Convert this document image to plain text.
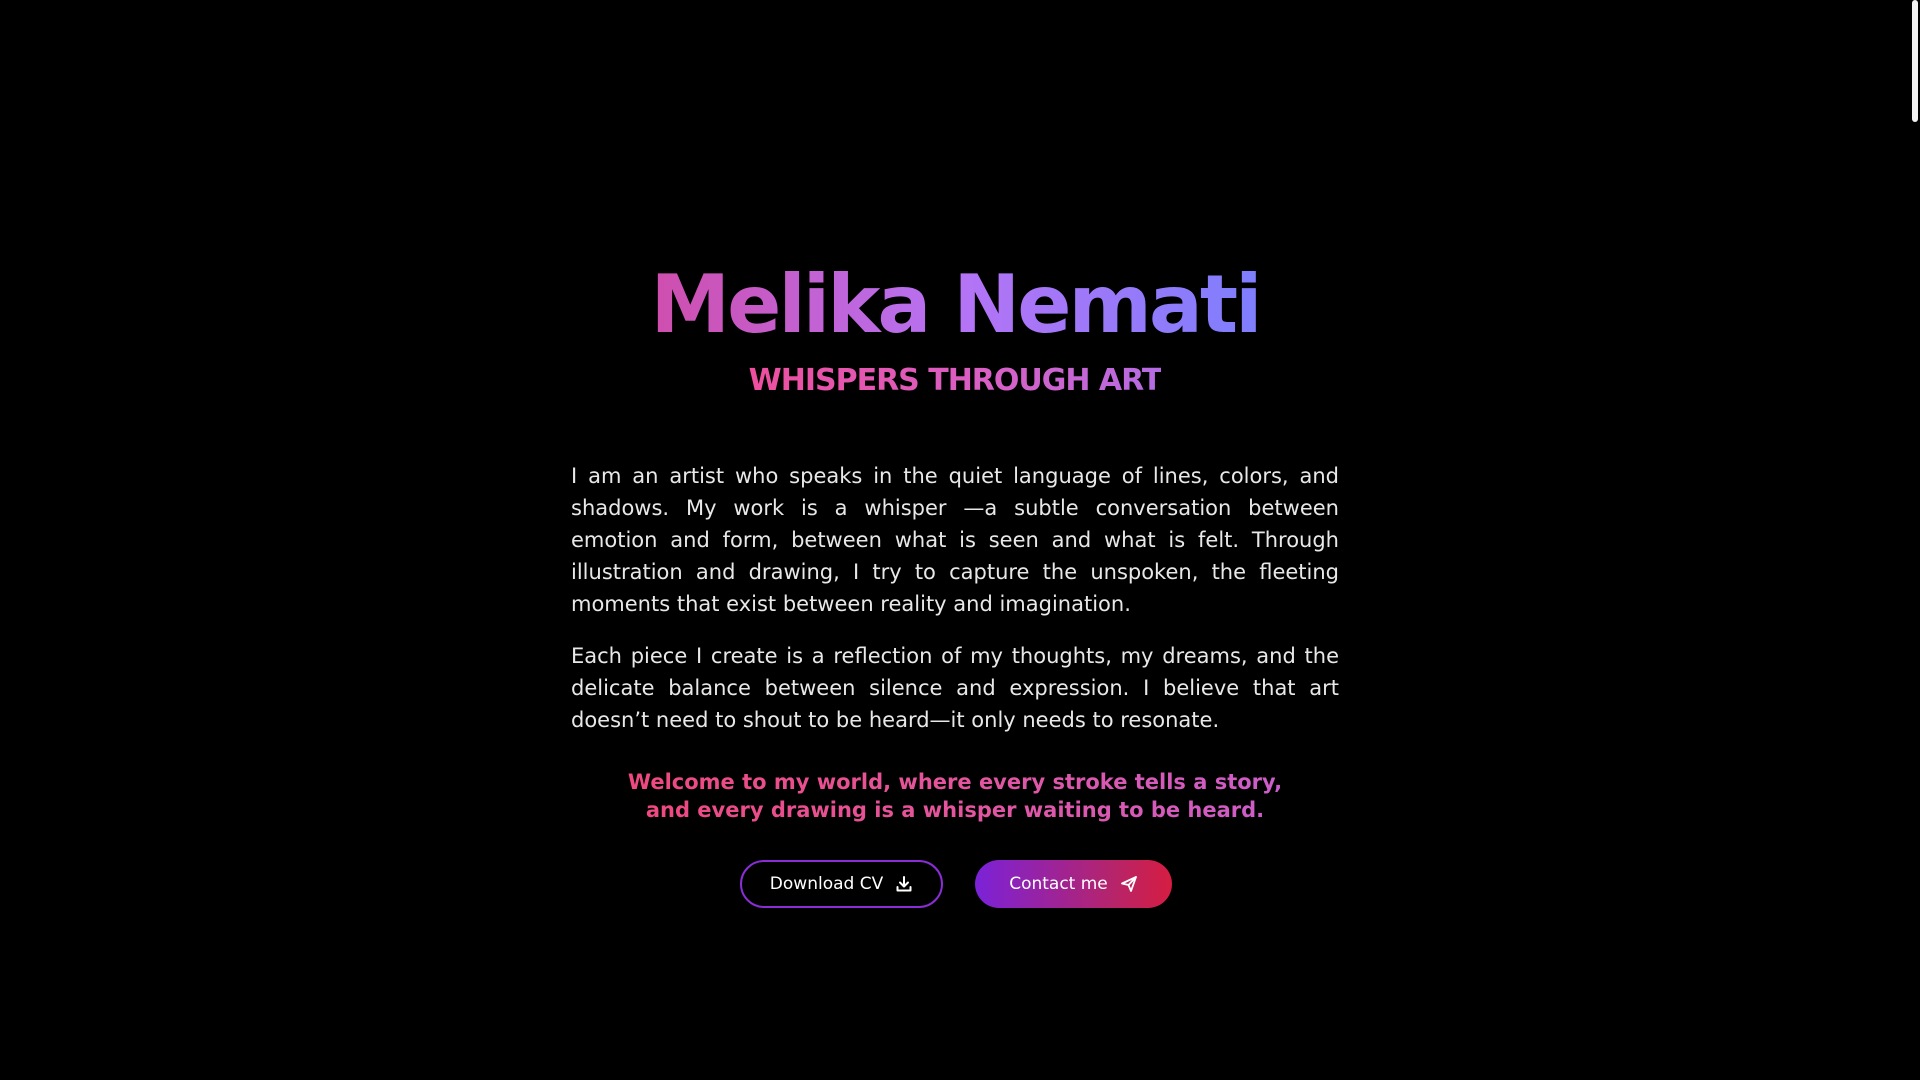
Melika Nemati
WHISPERS THROUGH ART

I am an artist who speaks in the quiet language of lines, colors, and shadows. My work is a whisper —a subtle conversation between emotion and form, between what is seen and what is felt. Through illustration and drawing, I try to capture the unspoken, the fleeting moments that exist between reality and imagination.

Each piece I create is a reflection of my thoughts, my dreams, and the delicate balance between silence and expression. I believe that art doesn’t need to shout to be heard—it only needs to resonate.

Welcome to my world, where every stroke tells a story,
and every drawing is a whisper waiting to be heard.
Download CV	Contact me
